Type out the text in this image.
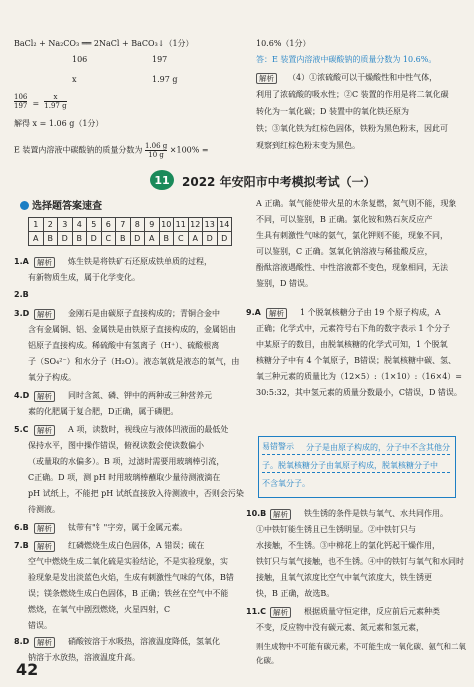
BaCl₂ + Na₂CO₃ ══ 2NaCl + BaCO₃↓（1分）
106	197
x	1.97 g
$\frac{106}{197} = \frac{x}{1.97 g}$
解得 x = 1.06 g（1分）
E 装置内溶液中碳酸钠的质量分数为 $\frac{1.06 g}{10 g} \times 100\%$ =
10.6%（1分）
答：E 装置内溶液中碳酸钠的质量分数为 10.6%。
解析	（4）①浓硫酸可以干燥酸性和中性气体，
利用了浓硫酸的吸水性；②C 装置的作用是将二氧化碳
转化为一氧化碳；D 装置中的氧化铁还原为
铁；③氧化铁为红棕色固体，铁粉为黑色粉末，因此可
观察到红棕色粉末变为黑色。
11	2022 年安阳市中考模拟考试（一）
选择题答案速查
1	2	3	4	5	6	7	8	9	10	11	12	13	14
A	B	D	B	D	C	B	D	A	B	C	A	D	D
1.A	解析	炼生铁是将铁矿石还原成铁单质的过程，
有新物质生成，属于化学变化。
2.B
3.D	解析	金刚石是由碳原子直接构成的；青铜合金中
含有金属铜、铝、金属铁是由铁原子直接构成的，金属铝由
铝原子直接构成。稀硫酸中有氢离子（H⁺）、硫酸根离
子（SO₄²⁻）和水分子（H₂O）。液态氧就是液态的氧气，由
氧分子构成。
4.D	解析	同时含氮、磷、钾中的两种或三种营养元
素的化肥属于复合肥，D正确，属于磷肥。
5.C	解析	A 项，读数时，视线应与液体凹液面的最低处
保持水平，图中操作错误，俯视读数会使读数偏小
（或量取的水偏多）。B 项，过滤时需要用玻璃棒引流，
C正确。D 项，测 pH 时用玻璃棒蘸取少量待测液滴在
pH 试纸上，不能把 pH 试纸直接放入待测液中，否则会污染
待测液。
6.B	解析	钛带有"钅"字旁，属于金属元素。
7.B	解析	红磷燃烧生成白色固体，A 错误；硫在
空气中燃烧生成二氧化硫是实验结论，不是实验现象，实
验现象是发出淡蓝色火焰，生成有刺激性气味的气体，B错
误；镁条燃烧生成白色固体，B 正确；铁丝在空气中不能
燃烧，在氧气中剧烈燃烧，火星四射，C
错误。
8.D	解析	硝酸铵溶于水吸热，溶液温度降低，氢氧化
钠溶于水放热，溶液温度升高。
A 正确。氧气能使带火星的木条复燃，氮气则不能，现象
不同，可以鉴别，B 正确。氯化铵和熟石灰反应产
生具有刺激性气味的氨气，氯化钾则不能，现象不同，
可以鉴别，C 正确。氢氧化钠溶液与稀盐酸反应，
酚酞溶液遇酸性、中性溶液都不变色，现象相同，无法
鉴别，D 错误。
9.A	解析	1 个脱氧核糖分子由 19 个原子构成，A
正确；化学式中，元素符号右下角的数字表示 1 个分子
中某原子的数目，由脱氧核糖的化学式可知，1 个脱氧
核糖分子中有 4 个氧原子，B错误；脱氧核糖中碳、氢、
氧三种元素的质量比为（12×5）:（1×10）:（16×4）=
30:5:32，其中氢元素的质量分数最小，C错误，D 错误。
易错警示 分子是由原子构成的，分子中不含其他分
子。脱氧核糖分子由氧原子构成，脱氧核糖分子中
不含氧分子。
10.B 解析	铁生锈的条件是铁与氧气、水共同作用。
①中铁钉能生锈且已生锈明显。②中铁钉只与
水接触，不生锈。③中棉花上的氯化钙起干燥作用，
铁钉只与氧气接触，也不生锈。④中的铁钉与氧气和水同时
接触，且氧气浓度比空气中氧气浓度大，铁生锈更
快，B 正确，故选B。
11.C 解析	根据质量守恒定律，反应前后元素种类
不变，反应物中没有碳元素、氮元素和氢元素，
则生成物中不可能有碳元素，不可能生成一氧化碳、氨气和二氧化碳。
42
